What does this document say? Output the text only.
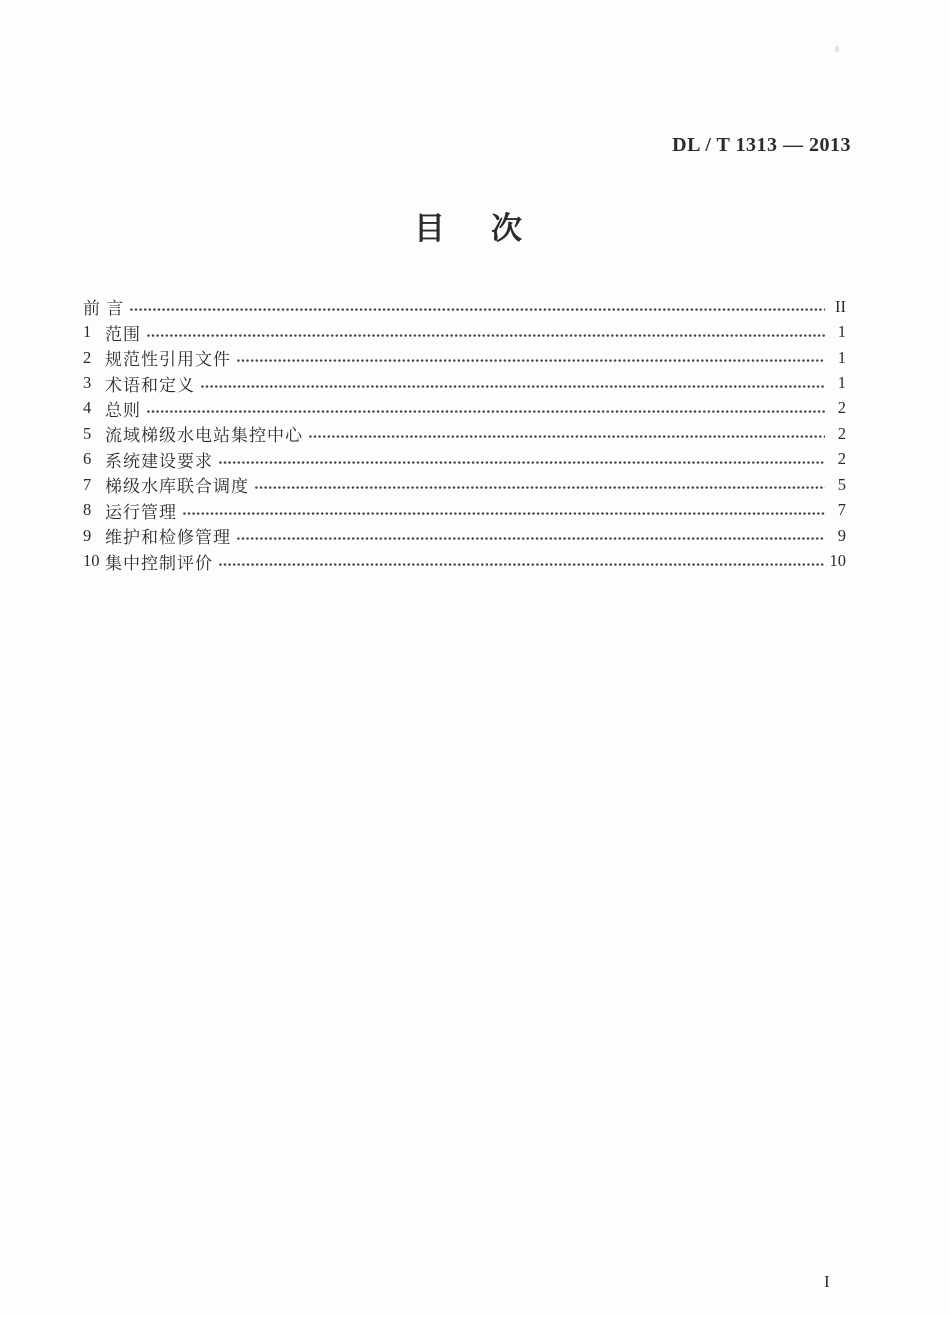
DL / T 1313 — 2013
目次
前 言	II
1 范围	1
2 规范性引用文件	1
3 术语和定义	1
4 总则	2
5 流域梯级水电站集控中心	2
6 系统建设要求	2
7 梯级水库联合调度	5
8 运行管理	7
9 维护和检修管理	9
10 集中控制评价	10
I
